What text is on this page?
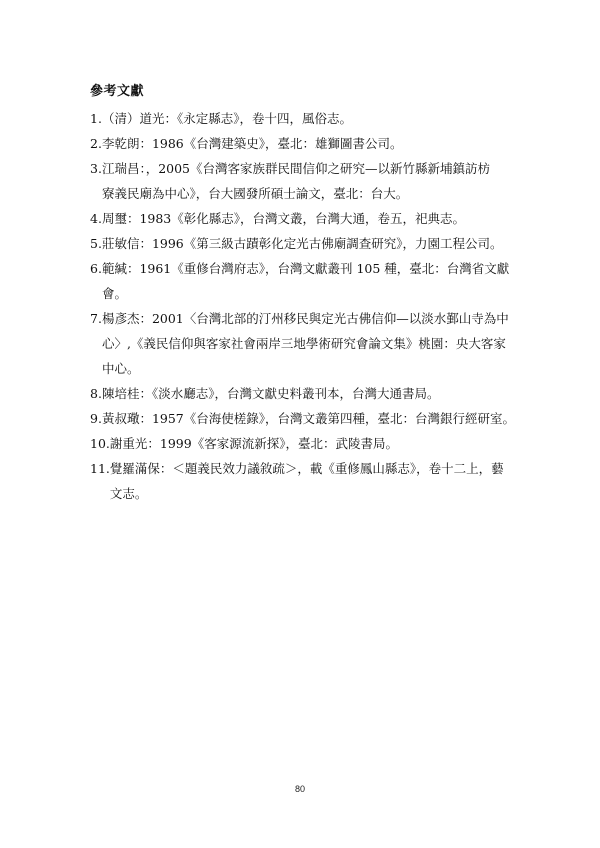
參考文獻
1. （清）道光：《永定縣志》，卷十四，風俗志。
2. 李乾朗：1986《台灣建築史》，臺北：雄獅圖書公司。
3. 江瑞昌：，2005《台灣客家族群民間信仰之研究—以新竹縣新埔鎮訪枋
寮義民廟為中心》，台大國發所碩士論文，臺北：台大。
4. 周璽：1983《彰化縣志》，台灣文叢，台灣大通，卷五，祀典志。
5. 莊敏信：1996《第三級古蹟彰化定光古佛廟調查研究》，力園工程公司。
6. 範緘：1961《重修台灣府志》，台灣文獻叢刊 105 種，臺北：台灣省文獻
會。
7. 楊彥杰：2001〈台灣北部的汀州移民與定光古佛信仰—以淡水鄞山寺為中
心〉,《義民信仰與客家社會兩岸三地學術研究會論文集》桃園：央大客家
中心。
8. 陳培桂：《淡水廳志》，台灣文獻史料叢刊本，台灣大通書局。
9. 黃叔璥：1957《台海使槎錄》，台灣文叢第四種，臺北：台灣銀行經研室。
10. 謝重光：1999《客家源流新探》，臺北：武陵書局。
11. 覺羅滿保：＜題義民效力議敘疏＞，載《重修鳳山縣志》，卷十二上，藝
文志。
80
